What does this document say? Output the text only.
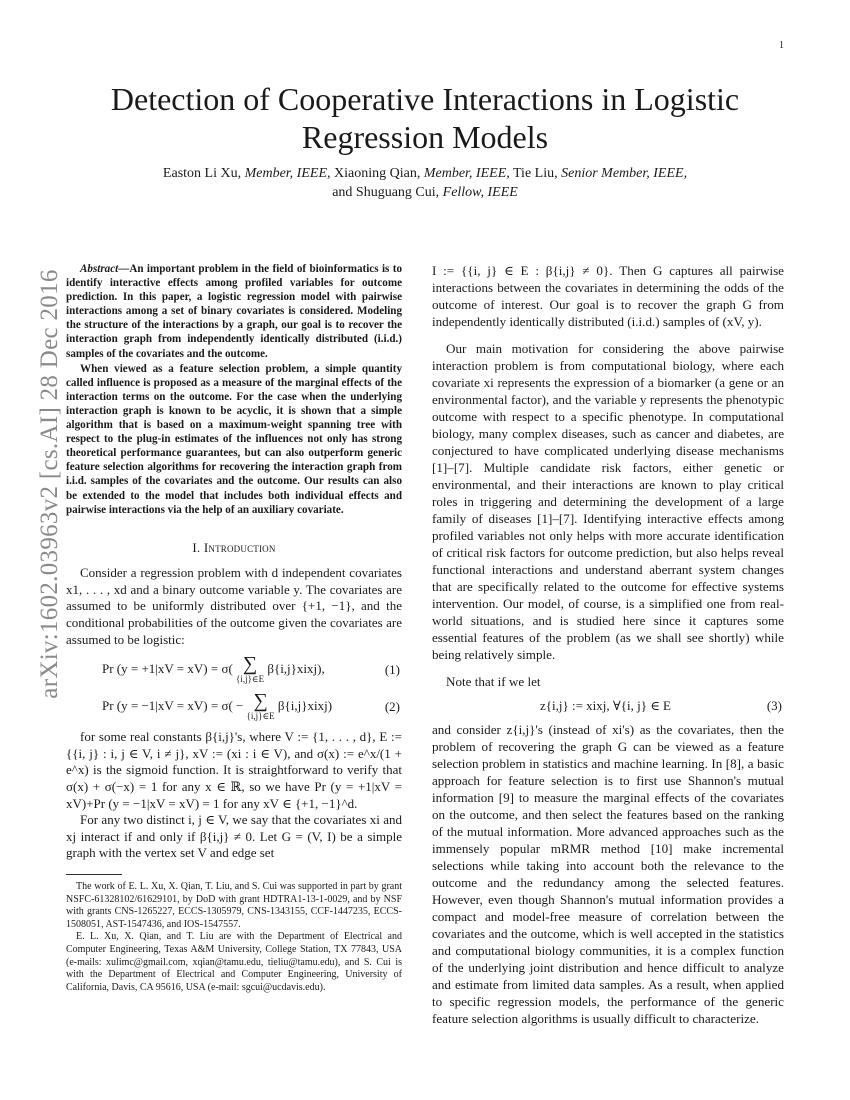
1
arXiv:1602.03963v2 [cs.AI] 28 Dec 2016
Detection of Cooperative Interactions in Logistic Regression Models
Easton Li Xu, Member, IEEE, Xiaoning Qian, Member, IEEE, Tie Liu, Senior Member, IEEE,
and Shuguang Cui, Fellow, IEEE

Abstract—An important problem in the field of bioinformatics is to identify interactive effects among profiled variables for outcome prediction. In this paper, a logistic regression model with pairwise interactions among a set of binary covariates is considered. Modeling the structure of the interactions by a graph, our goal is to recover the interaction graph from independently identically distributed (i.i.d.) samples of the covariates and the outcome.

When viewed as a feature selection problem, a simple quantity called influence is proposed as a measure of the marginal effects of the interaction terms on the outcome. For the case when the underlying interaction graph is known to be acyclic, it is shown that a simple algorithm that is based on a maximum-weight spanning tree with respect to the plug-in estimates of the influences not only has strong theoretical performance guarantees, but can also outperform generic feature selection algorithms for recovering the interaction graph from i.i.d. samples of the covariates and the outcome. Our results can also be extended to the model that includes both individual effects and pairwise interactions via the help of an auxiliary covariate.

I. Introduction

Consider a regression problem with d independent covariates x1, . . . , xd and a binary outcome variable y. The covariates are assumed to be uniformly distributed over {+1, −1}, and the conditional probabilities of the outcome given the covariates are assumed to be logistic:

Pr (y = +1|xV = xV) = σ( ∑
{i,j}∈E
β{i,j}xixj),	(1)
Pr (y = −1|xV = xV) = σ( − ∑
{i,j}∈E
β{i,j}xixj)	(2)

for some real constants β{i,j}'s, where V := {1, . . . , d}, E := {{i, j} : i, j ∈ V, i ≠ j}, xV := (xi : i ∈ V), and σ(x) := e^x/(1 + e^x) is the sigmoid function. It is straightforward to verify that σ(x) + σ(−x) = 1 for any x ∈ ℝ, so we have Pr (y = +1|xV = xV)+Pr (y = −1|xV = xV) = 1 for any xV ∈ {+1, −1}^d.

For any two distinct i, j ∈ V, we say that the covariates xi and xj interact if and only if β{i,j} ≠ 0. Let G = (V, I) be a simple graph with the vertex set V and edge set

The work of E. L. Xu, X. Qian, T. Liu, and S. Cui was supported in part by grant NSFC-61328102/61629101, by DoD with grant HDTRA1-13-1-0029, and by NSF with grants CNS-1265227, ECCS-1305979, CNS-1343155, CCF-1447235, ECCS-1508051, AST-1547436, and IOS-1547557.

E. L. Xu, X. Qian, and T. Liu are with the Department of Electrical and Computer Engineering, Texas A&M University, College Station, TX 77843, USA (e-mails: xulimc@gmail.com, xqian@tamu.edu, tieliu@tamu.edu), and S. Cui is with the Department of Electrical and Computer Engineering, University of California, Davis, CA 95616, USA (e-mail: sgcui@ucdavis.edu).

I := {{i, j} ∈ E : β{i,j} ≠ 0}. Then G captures all pairwise interactions between the covariates in determining the odds of the outcome of interest. Our goal is to recover the graph G from independently identically distributed (i.i.d.) samples of (xV, y).

Our main motivation for considering the above pairwise interaction problem is from computational biology, where each covariate xi represents the expression of a biomarker (a gene or an environmental factor), and the variable y represents the phenotypic outcome with respect to a specific phenotype. In computational biology, many complex diseases, such as cancer and diabetes, are conjectured to have complicated underlying disease mechanisms [1]–[7]. Multiple candidate risk factors, either genetic or environmental, and their interactions are known to play critical roles in triggering and determining the development of a large family of diseases [1]–[7]. Identifying interactive effects among profiled variables not only helps with more accurate identification of critical risk factors for outcome prediction, but also helps reveal functional interactions and understand aberrant system changes that are specifically related to the outcome for effective systems intervention. Our model, of course, is a simplified one from real-world situations, and is studied here since it captures some essential features of the problem (as we shall see shortly) while being relatively simple.

Note that if we let

z{i,j} := xixj, ∀{i, j} ∈ E	(3)

and consider z{i,j}'s (instead of xi's) as the covariates, then the problem of recovering the graph G can be viewed as a feature selection problem in statistics and machine learning. In [8], a basic approach for feature selection is to first use Shannon's mutual information [9] to measure the marginal effects of the covariates on the outcome, and then select the features based on the ranking of the mutual information. More advanced approaches such as the immensely popular mRMR method [10] make incremental selections while taking into account both the relevance to the outcome and the redundancy among the selected features. However, even though Shannon's mutual information provides a compact and model-free measure of correlation between the covariates and the outcome, which is well accepted in the statistics and computational biology communities, it is a complex function of the underlying joint distribution and hence difficult to analyze and estimate from limited data samples. As a result, when applied to specific regression models, the performance of the generic feature selection algorithms is usually difficult to characterize.
